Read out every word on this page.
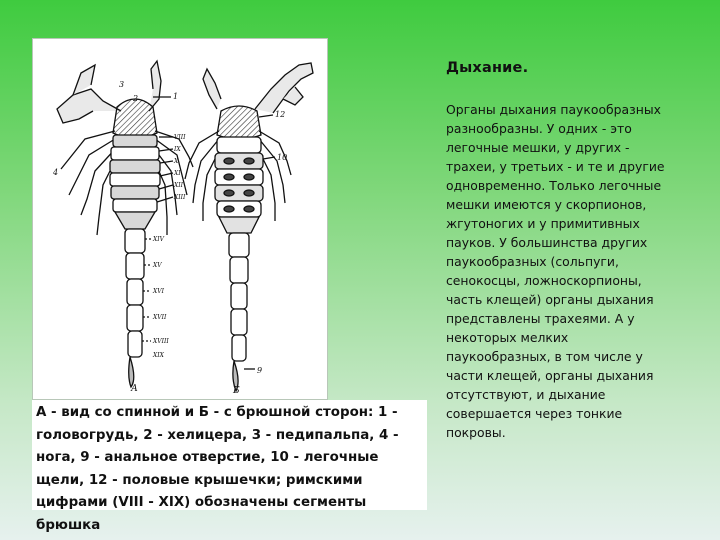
3
2	1
4
VIII
IX
X
XI
XII
XIII
XIV
XV
XVI
XVII
XVIII
XIX
А
12
10
9
Б
А - вид со спинной и Б - с брюшной сторон: 1 - головогрудь, 2 - хелицера, 3 - педипальпа, 4 - нога, 9 - анальное отверстие, 10 - легочные щели, 12 - половые крышечки; римскими цифрами (VIII - XIX) обозначены сегменты брюшка
Дыхание.

Органы дыхания паукообразных
разнообразны. У одних - это
легочные мешки, у других -
трахеи, у третьих - и те и другие
одновременно. Только легочные
мешки имеются у скорпионов,
жгутоногих и у примитивных
пауков. У большинства других
паукообразных (сольпуги,
сенокосцы, ложноскорпионы,
часть клещей) органы дыхания
представлены трахеями. А у
некоторых мелких
паукообразных, в том числе у
части клещей, органы дыхания
отсутствуют, и дыхание
совершается через тонкие
покровы.
